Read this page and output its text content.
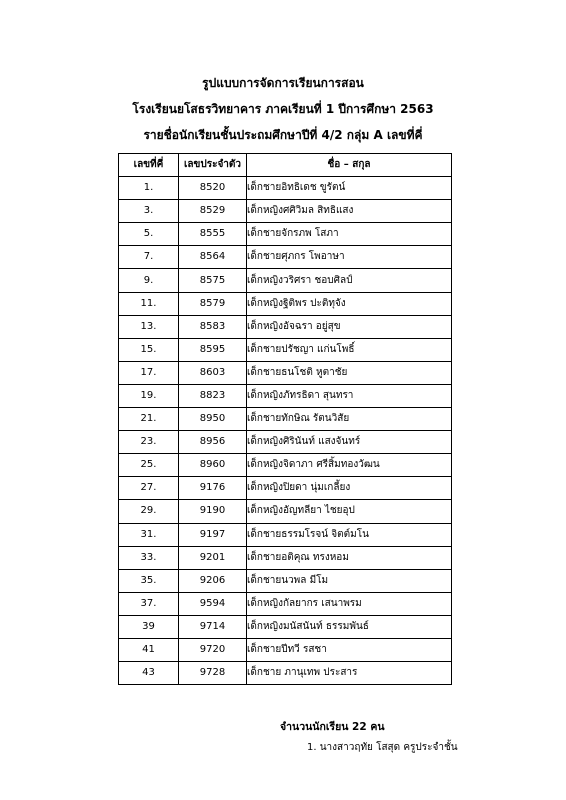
รูปแบบการจัดการเรียนการสอน
โรงเรียนยโสธรวิทยาคาร ภาคเรียนที่ 1 ปีการศึกษา 2563
รายชื่อนักเรียนชั้นประถมศึกษาปีที่ 4/2 กลุ่ม A เลขที่คี่
เลขที่คี่	เลขประจำตัว	ชื่อ – สกุล
1.	8520	เด็กชายอิทธิเดช ขูรัตน์
3.	8529	เด็กหญิงศศิวิมล สิทธิแสง
5.	8555	เด็กชายจักรภพ โสภา
7.	8564	เด็กชายศุภกร โพอาษา
9.	8575	เด็กหญิงวริศรา ชอบศิลป์
11.	8579	เด็กหญิงฐิติพร ปะติทุจัง
13.	8583	เด็กหญิงอัจฉรา อยู่สุข
15.	8595	เด็กชายปรัชญา แก่นโพธิ์
17.	8603	เด็กชายธนโชติ หูตาชัย
19.	8823	เด็กหญิงภัทรธิดา สุนทรา
21.	8950	เด็กชายทักษิณ รัตนวิสัย
23.	8956	เด็กหญิงศิรินันท์ แสงจันทร์
25.	8960	เด็กหญิงจิดาภา ศรีสิ้มทองวัฒน
27.	9176	เด็กหญิงปิยดา นุ่มเกลี้ยง
29.	9190	เด็กหญิงอัญทลียา ไชยอุป
31.	9197	เด็กชายธรรมโรจน์ จิตต์มโน
33.	9201	เด็กชายอติคุณ ทรงหอม
35.	9206	เด็กชายนวพล มีโม
37.	9594	เด็กหญิงกัลยากร เสนาพรม
39	9714	เด็กหญิงมนัสนันท์ ธรรมพันธ์
41	9720	เด็กชายปีทวี รสชา
43	9728	เด็กชาย ภานุเทพ ประสาร
จำนวนนักเรียน 22 คน
1. นางสาวฤทัย โสสุด ครูประจำชั้น
